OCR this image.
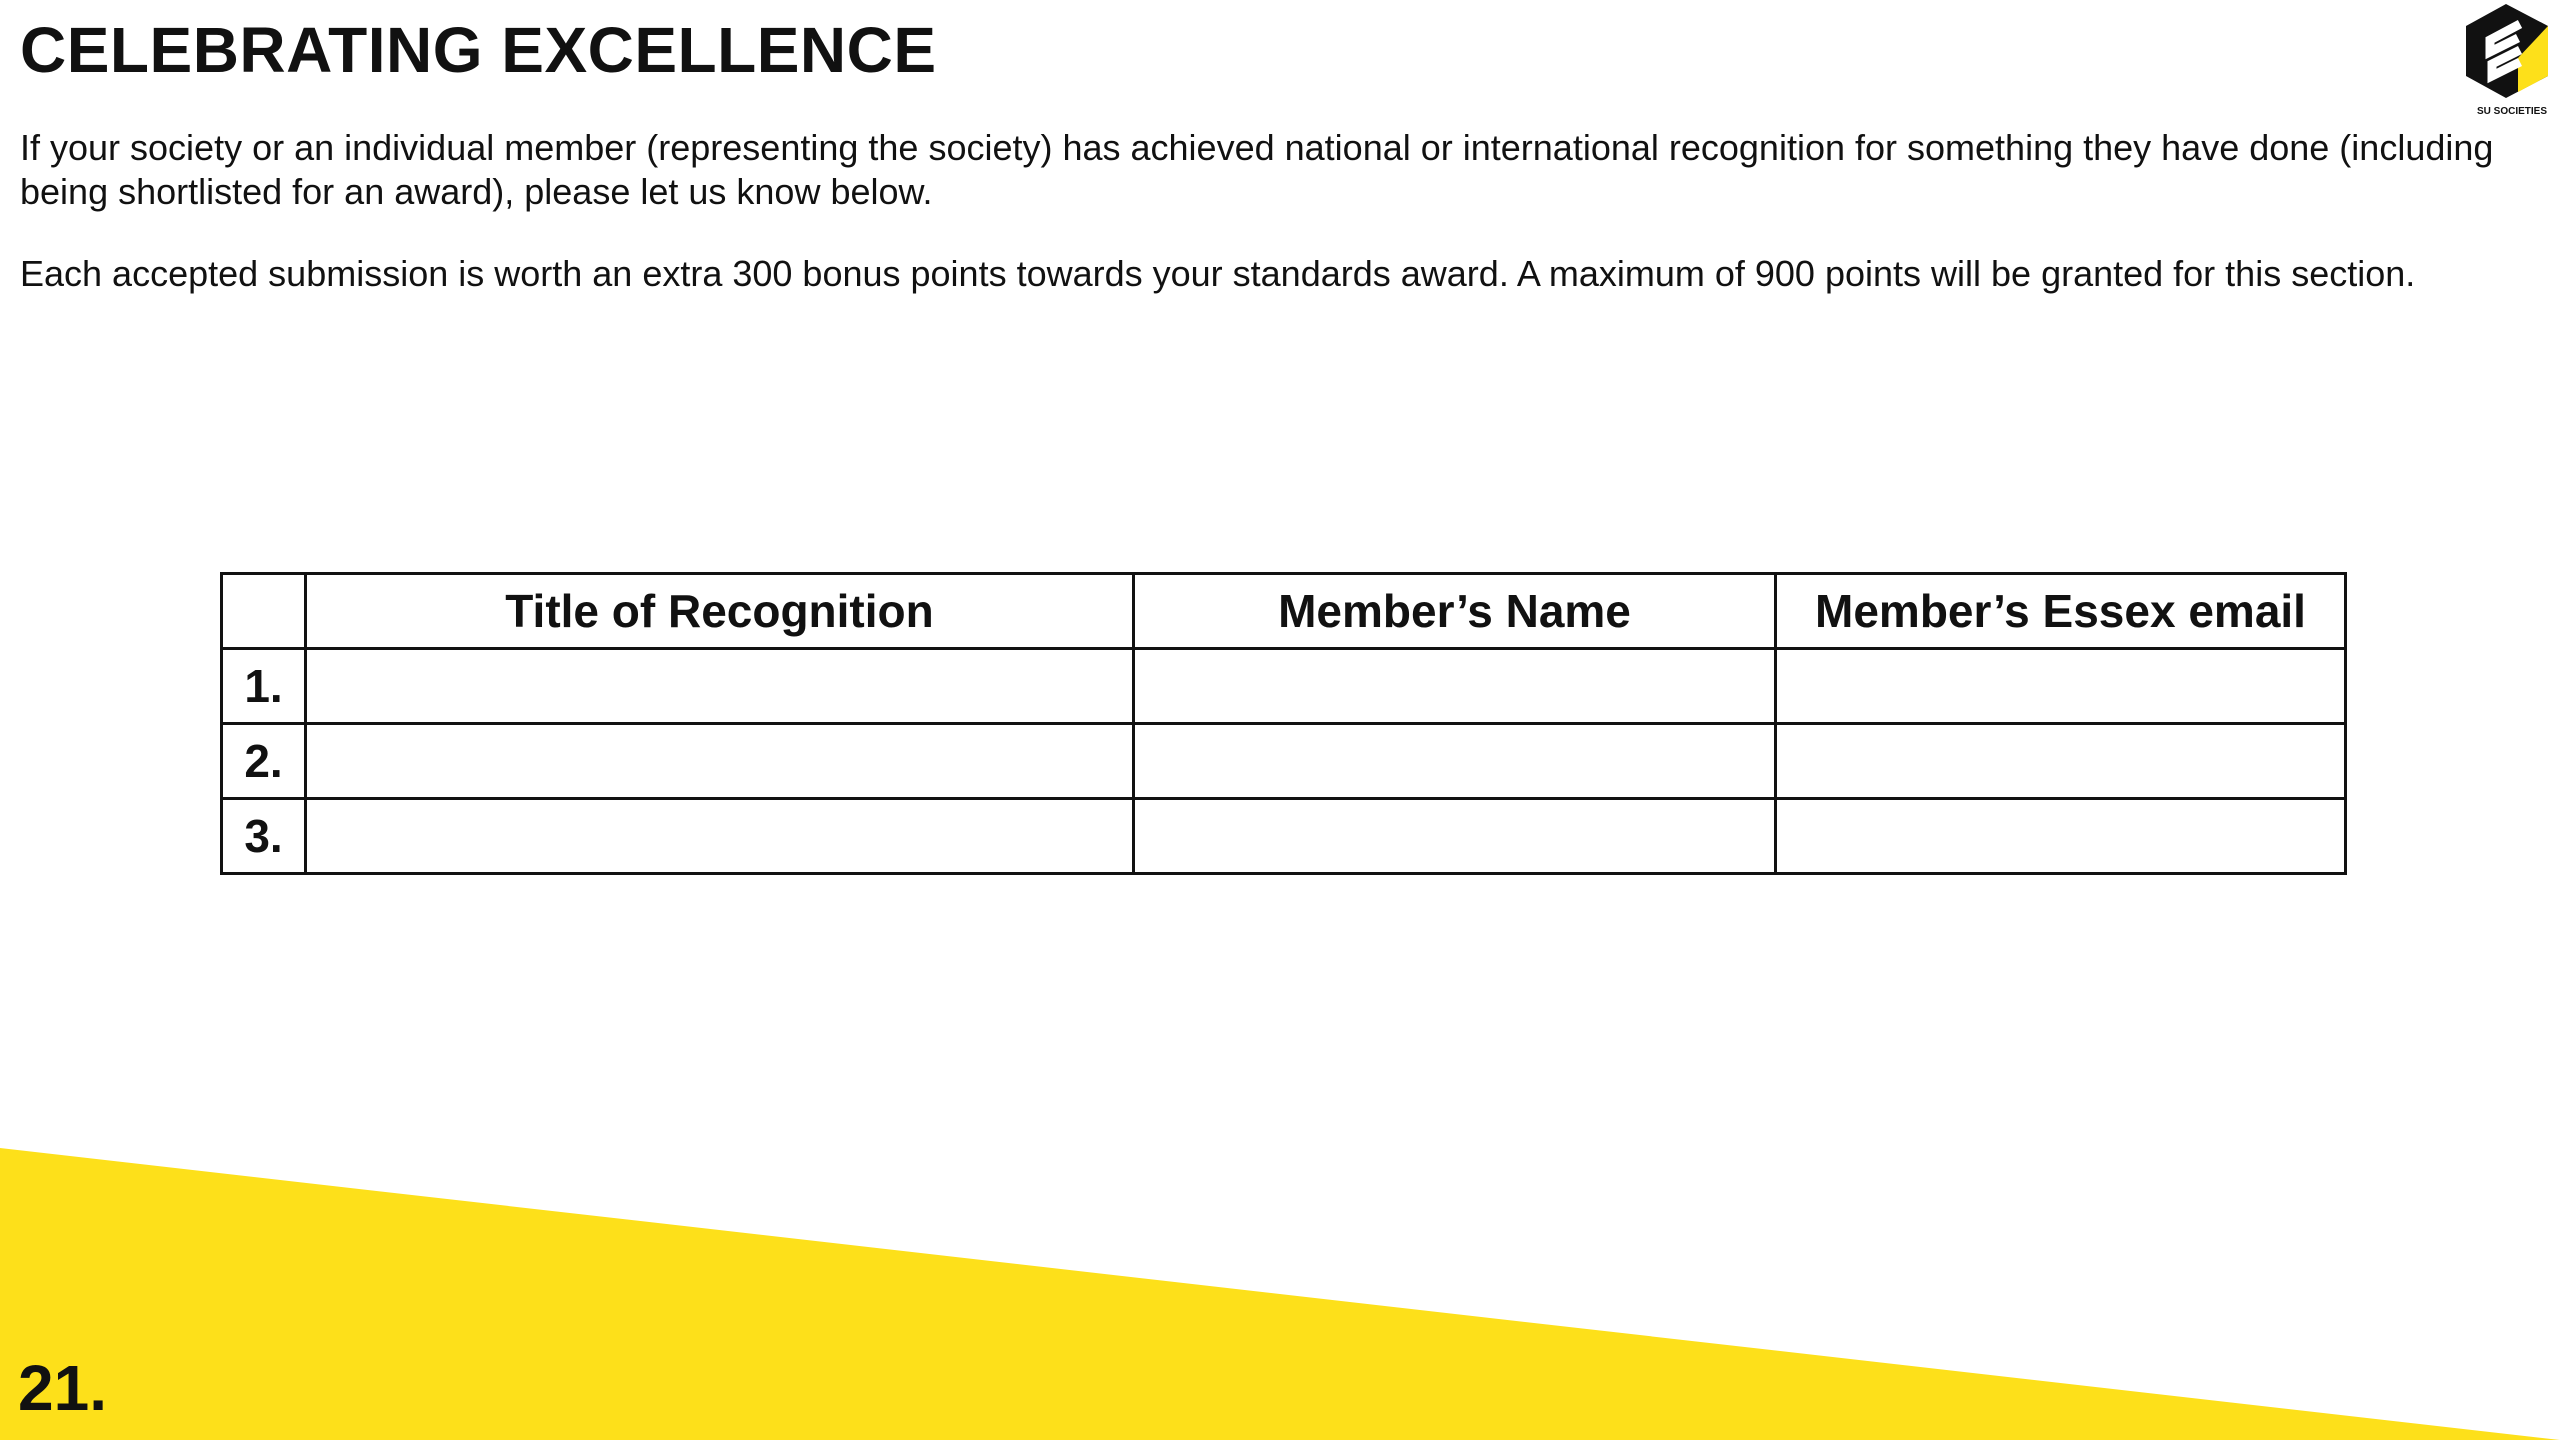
CELEBRATING EXCELLENCE
SU SOCIETIES

If your society or an individual member (representing the society) has achieved national or international recognition for something they have done (including being shortlisted for an award), please let us know below.

Each accepted submission is worth an extra 300 bonus points towards your standards award. A maximum of 900 points will be granted for this section.

	Title of Recognition	Member’s Name	Member’s Essex email
1.			
2.			
3.			
21.
